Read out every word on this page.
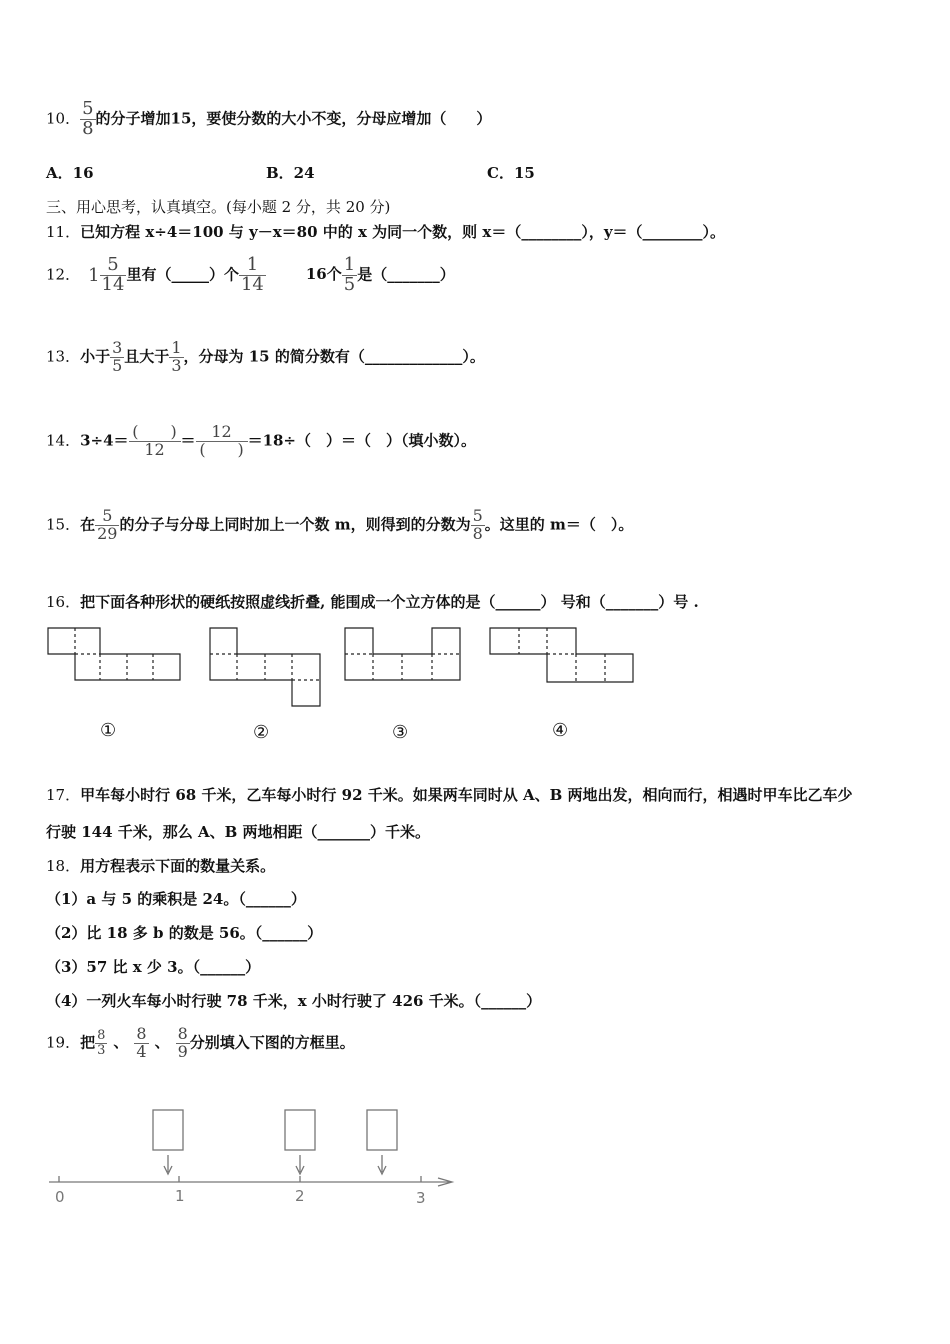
10． $\frac{5}{8}$ 的分子增加15，要使分数的大小不变，分母应增加（　　）
A．16	B．24	C．15
三、用心思考，认真填空。(每小题 2 分，共 20 分)
11．已知方程 x÷4＝100 与 y－x＝80 中的 x 为同一个数，则 x＝（________），y＝（________）。
12． $1 \frac{5}{14}$ 里有（_____）个 $\frac{1}{14}$	16个 $\frac{1}{5}$ 是（_______）
13．小于 $\frac{3}{5}$ 且大于 $\frac{1}{3}$ ，分母为 15 的简分数有（_____________）。
14．$3\div 4= \frac{( )}{12} = \frac{12}{( )} =18\div$（　）＝（　）（填小数）。
15．在 $\frac{5}{29}$ 的分子与分母上同时加上一个数 m，则得到的分数为 $\frac{5}{8}$ 。这里的 m＝（　）。
16．把下面各种形状的硬纸按照虚线折叠, 能围成一个立方体的是（______） 号和（_______）号 .
①	②	③	④
17．甲车每小时行 68 千米，乙车每小时行 92 千米。如果两车同时从 A、B 两地出发，相向而行，相遇时甲车比乙车少
行驶 144 千米，那么 A、B 两地相距（_______）千米。
18．用方程表示下面的数量关系。
（1）a 与 5 的乘积是 24。（______）
（2）比 18 多 b 的数是 56。（______）
（3）57 比 x 少 3。（______）
（4）一列火车每小时行驶 78 千米，x 小时行驶了 426 千米。（______）
19．把 $\frac{8}{3}$ 、 $\frac{8}{4}$ 、 $\frac{8}{9}$ 分别填入下图的方框里。
0	1	2	3
